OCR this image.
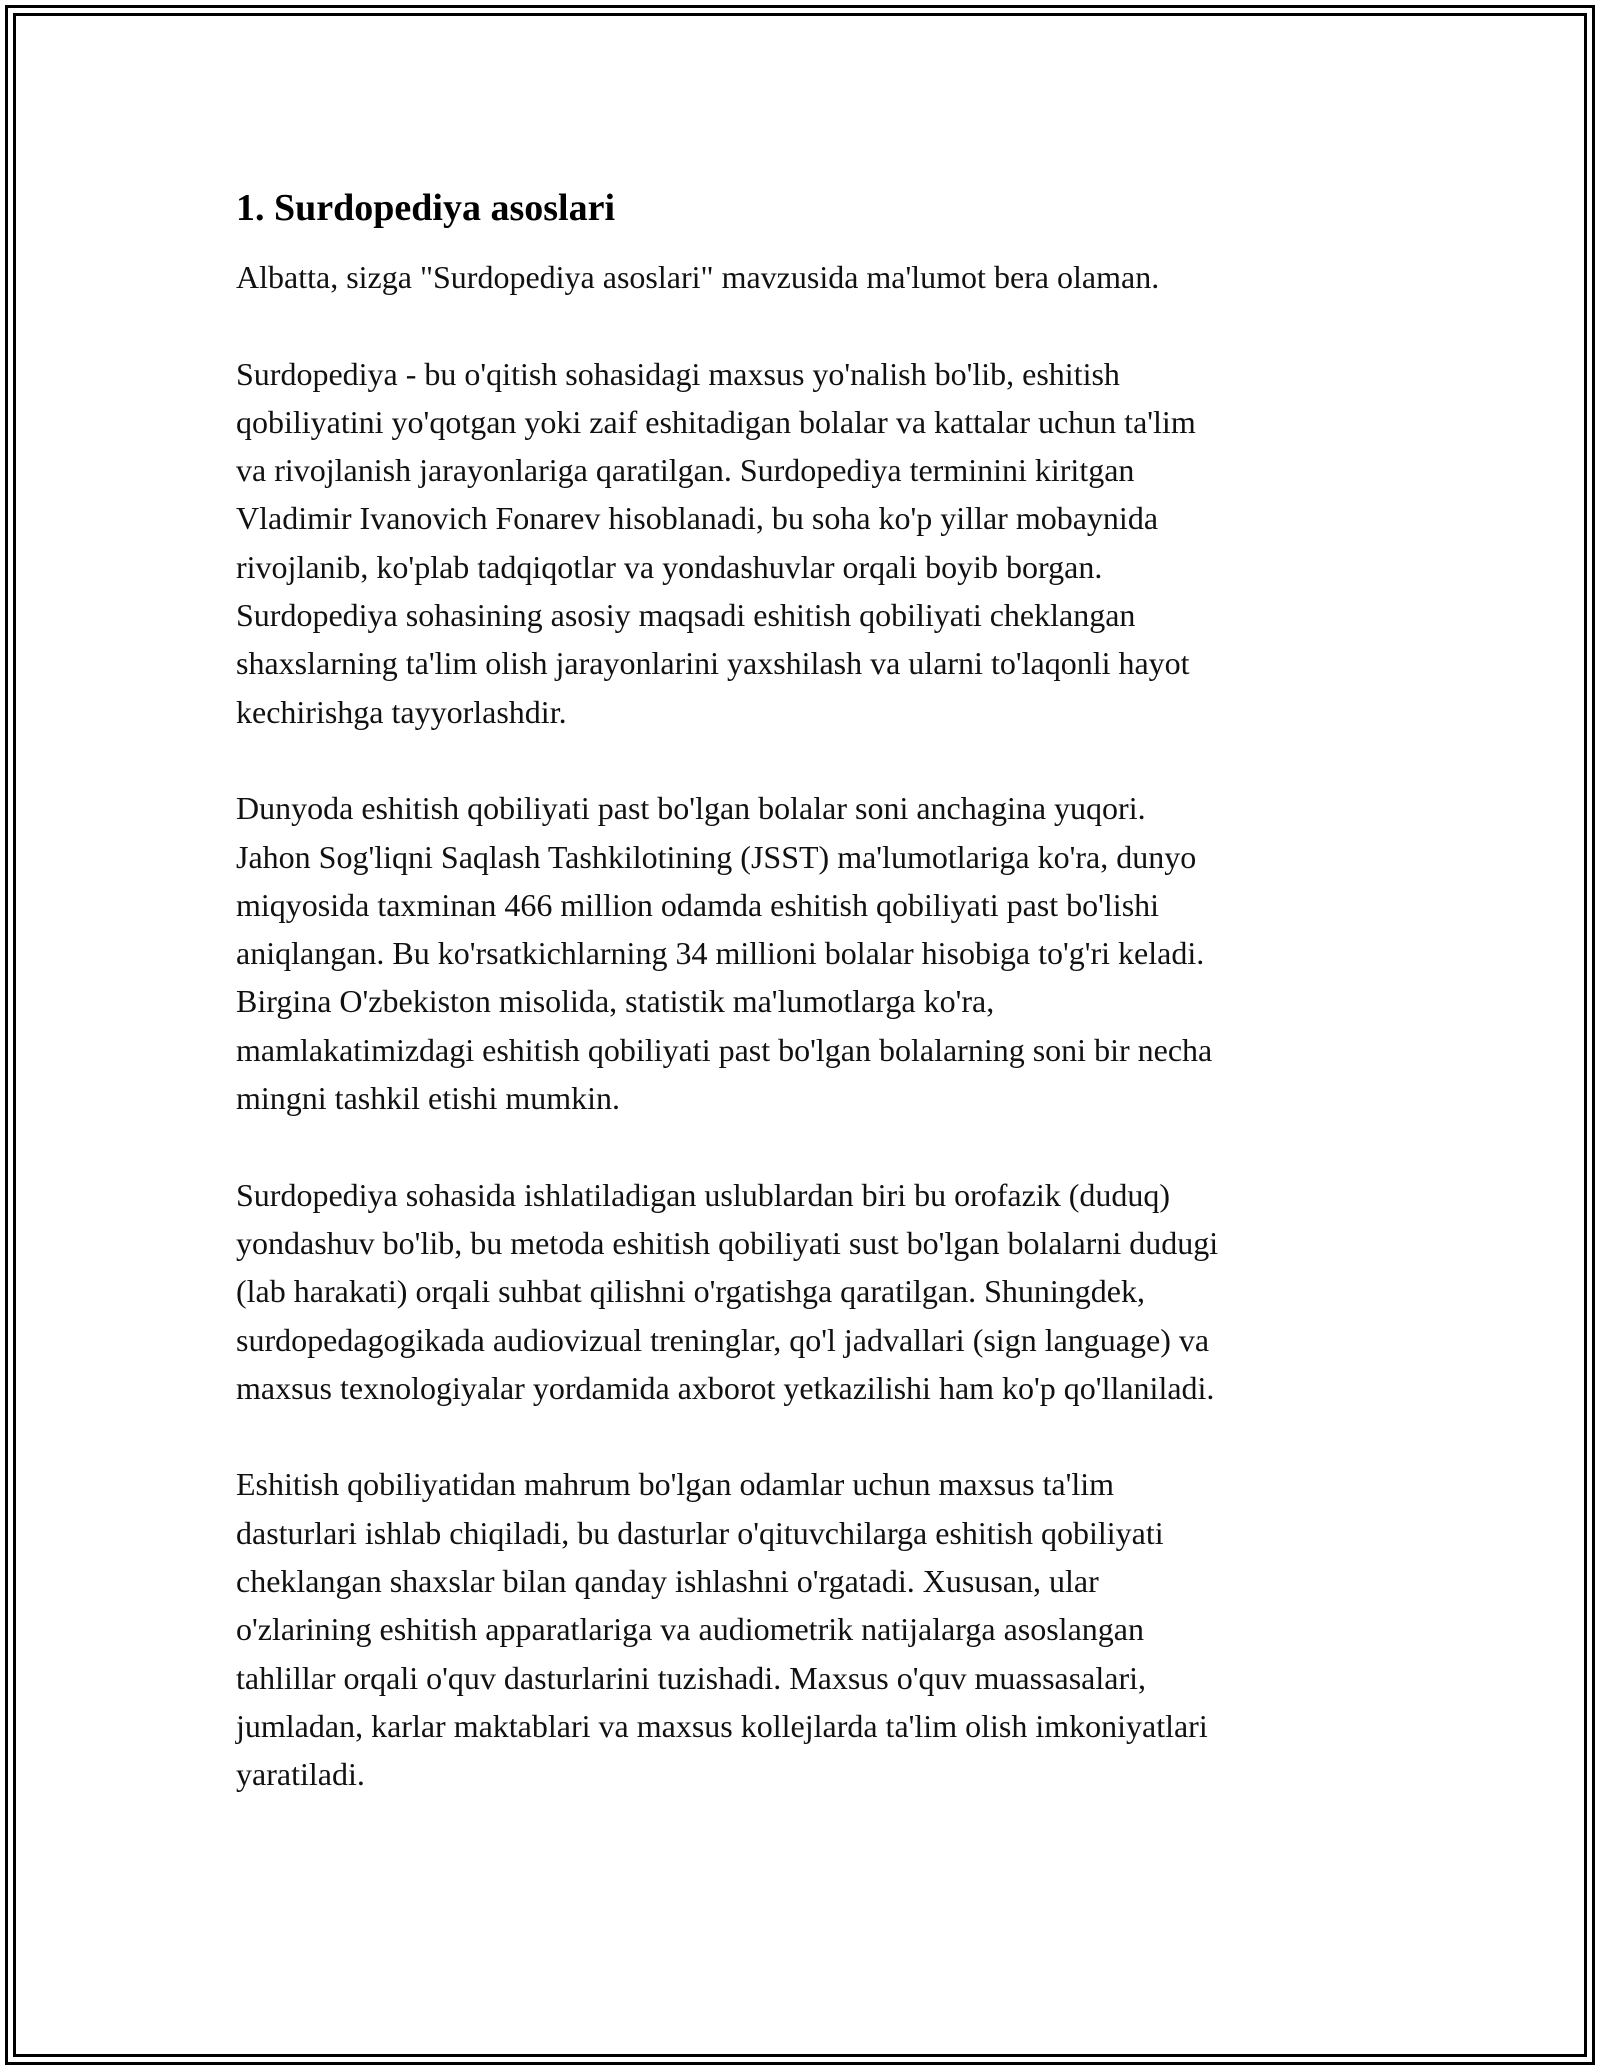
1. Surdopediya asoslari

Albatta, sizga "Surdopediya asoslari" mavzusida ma'lumot bera olaman.

Surdopediya - bu o'qitish sohasidagi maxsus yo'nalish bo'lib, eshitish
qobiliyatini yo'qotgan yoki zaif eshitadigan bolalar va kattalar uchun ta'lim
va rivojlanish jarayonlariga qaratilgan. Surdopediya terminini kiritgan
Vladimir Ivanovich Fonarev hisoblanadi, bu soha ko'p yillar mobaynida
rivojlanib, ko'plab tadqiqotlar va yondashuvlar orqali boyib borgan.
Surdopediya sohasining asosiy maqsadi eshitish qobiliyati cheklangan
shaxslarning ta'lim olish jarayonlarini yaxshilash va ularni to'laqonli hayot
kechirishga tayyorlashdir.

Dunyoda eshitish qobiliyati past bo'lgan bolalar soni anchagina yuqori.
Jahon Sog'liqni Saqlash Tashkilotining (JSST) ma'lumotlariga ko'ra, dunyo
miqyosida taxminan 466 million odamda eshitish qobiliyati past bo'lishi
aniqlangan. Bu ko'rsatkichlarning 34 millioni bolalar hisobiga to'g'ri keladi.
Birgina O'zbekiston misolida, statistik ma'lumotlarga ko'ra,
mamlakatimizdagi eshitish qobiliyati past bo'lgan bolalarning soni bir necha
mingni tashkil etishi mumkin.

Surdopediya sohasida ishlatiladigan uslublardan biri bu orofazik (duduq)
yondashuv bo'lib, bu metoda eshitish qobiliyati sust bo'lgan bolalarni dudugi
(lab harakati) orqali suhbat qilishni o'rgatishga qaratilgan. Shuningdek,
surdopedagogikada audiovizual treninglar, qo'l jadvallari (sign language) va
maxsus texnologiyalar yordamida axborot yetkazilishi ham ko'p qo'llaniladi.

Eshitish qobiliyatidan mahrum bo'lgan odamlar uchun maxsus ta'lim
dasturlari ishlab chiqiladi, bu dasturlar o'qituvchilarga eshitish qobiliyati
cheklangan shaxslar bilan qanday ishlashni o'rgatadi. Xususan, ular
o'zlarining eshitish apparatlariga va audiometrik natijalarga asoslangan
tahlillar orqali o'quv dasturlarini tuzishadi. Maxsus o'quv muassasalari,
jumladan, karlar maktablari va maxsus kollejlarda ta'lim olish imkoniyatlari
yaratiladi.
